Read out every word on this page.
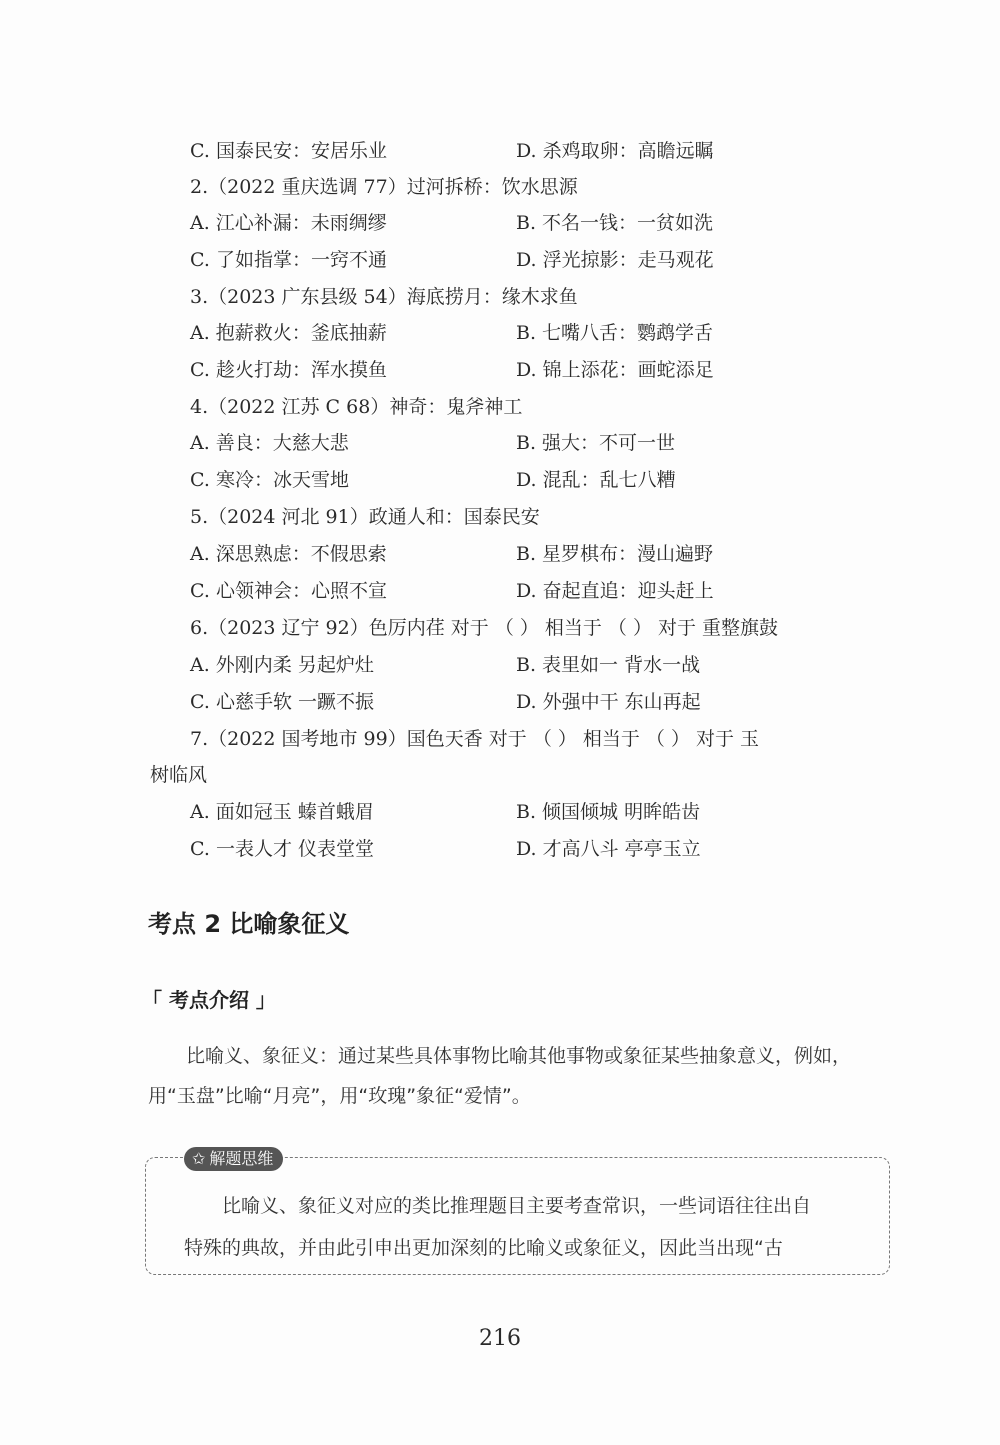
C. 国泰民安：安居乐业	D. 杀鸡取卵：高瞻远瞩
2.（2022 重庆选调 77）过河拆桥：饮水思源
A. 江心补漏：未雨绸缪	B. 不名一钱：一贫如洗
C. 了如指掌：一窍不通	D. 浮光掠影：走马观花
3.（2023 广东县级 54）海底捞月：缘木求鱼
A. 抱薪救火：釜底抽薪	B. 七嘴八舌：鹦鹉学舌
C. 趁火打劫：浑水摸鱼	D. 锦上添花：画蛇添足
4.（2022 江苏 C 68）神奇：鬼斧神工
A. 善良：大慈大悲	B. 强大：不可一世
C. 寒冷：冰天雪地	D. 混乱：乱七八糟
5.（2024 河北 91）政通人和：国泰民安
A. 深思熟虑：不假思索	B. 星罗棋布：漫山遍野
C. 心领神会：心照不宣	D. 奋起直追：迎头赶上
6.（2023 辽宁 92）色厉内荏 对于 （ ） 相当于 （ ） 对于 重整旗鼓
A. 外刚内柔 另起炉灶	B. 表里如一 背水一战
C. 心慈手软 一蹶不振	D. 外强中干 东山再起
7.（2022 国考地市 99）国色天香 对于 （ ） 相当于 （ ） 对于 玉
树临风
A. 面如冠玉 螓首蛾眉	B. 倾国倾城 明眸皓齿
C. 一表人才 仪表堂堂	D. 才高八斗 亭亭玉立
考点 2 比喻象征义
「 考点介绍 」
比喻义、象征义：通过某些具体事物比喻其他事物或象征某些抽象意义，例如，
用“玉盘”比喻“月亮”，用“玫瑰”象征“爱情”。
✩ 解题思维
比喻义、象征义对应的类比推理题目主要考查常识，一些词语往往出自
特殊的典故，并由此引申出更加深刻的比喻义或象征义，因此当出现“古
216
